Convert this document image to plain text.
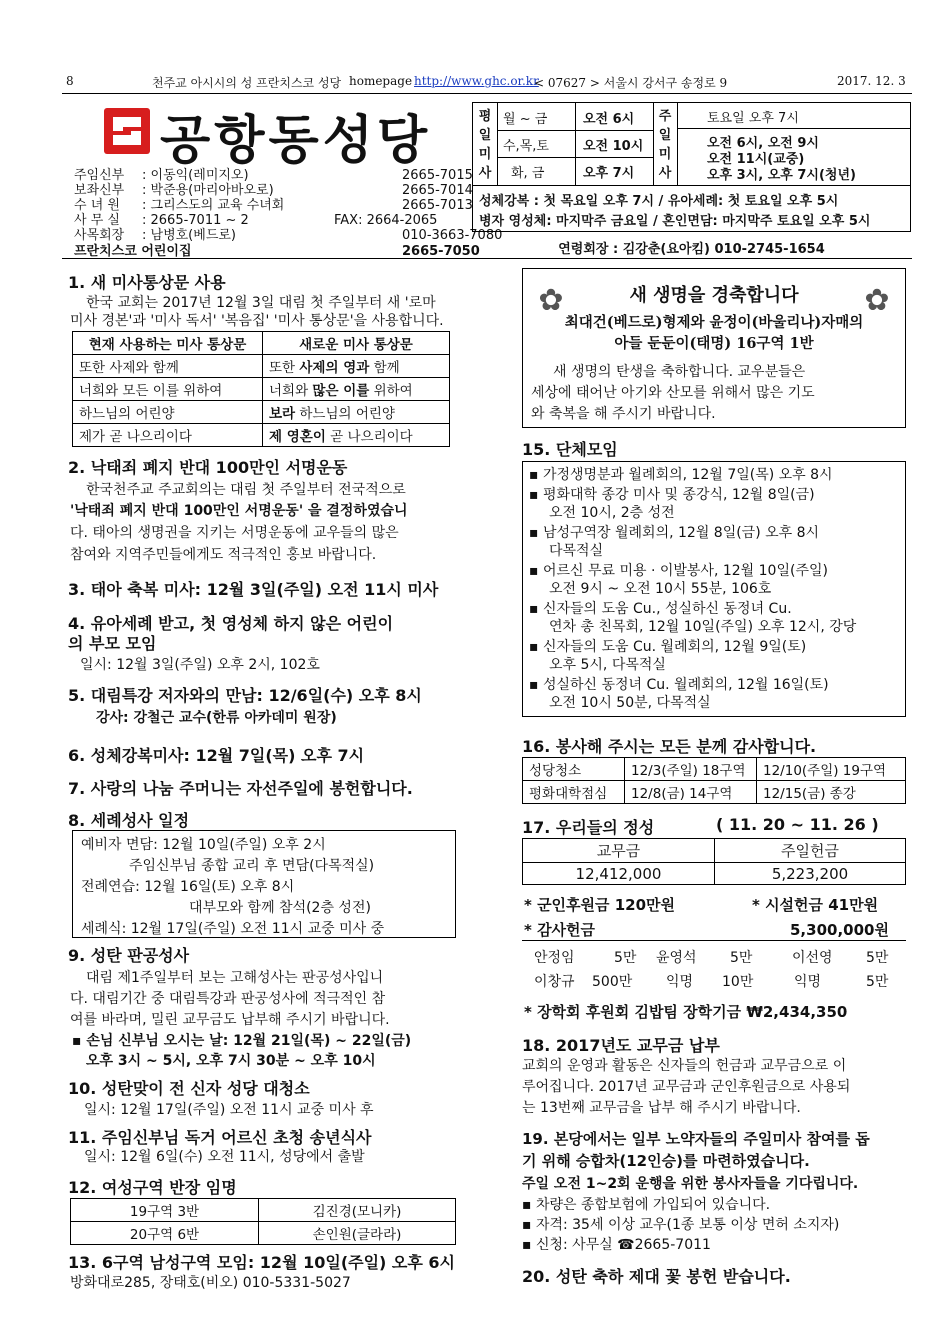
8	천주교 아시시의 성 프란치스코 성당 homepage http://www.ghc.or.kr
< 07627 > 서울시 강서구 송정로 9	2017. 12. 3
공항동성당
주임신부 : 이동익(레미지오)	2665-7015
보좌신부 : 박준용(마리아바오로)	2665-7014
수 녀 원 : 그리스도의 교육 수녀회	2665-7013
사 무 실 : 2665-7011 ~ 2	FAX: 2664-2065
사목회장 : 남병호(베드로)	010-3663-7080
프란치스코 어린이집	2665-7050
평일미사
월 ~ 금	오전 6시
수,목,토	오전 10시
화, 금	오후 7시
주일미사
토요일 오후 7시
오전 6시, 오전 9시
오전 11시(교중)
오후 3시, 오후 7시(청년)
성체강복 : 첫 목요일 오후 7시 / 유아세례: 첫 토요일 오후 5시
병자 영성체: 마지막주 금요일 / 혼인면담: 마지막주 토요일 오후 5시
연령회장 : 김강춘(요아킴) 010-2745-1654
1. 새 미사통상문 사용
한국 교회는 2017년 12월 3일 대림 첫 주일부터 새 '로마
미사 경본'과 '미사 독서' '복음집' '미사 통상문'을 사용합니다.
현재 사용하는 미사 통상문	새로운 미사 통상문
또한 사제와 함께	또한 사제의 영과 함께
너희와 모든 이를 위하여	너희와 많은 이를 위하여
하느님의 어린양	보라 하느님의 어린양
제가 곧 나으리이다	제 영혼이 곧 나으리이다
2. 낙태죄 폐지 반대 100만인 서명운동
한국천주교 주교회의는 대림 첫 주일부터 전국적으로
'낙태죄 폐지 반대 100만인 서명운동' 을 결정하였습니
다. 태아의 생명권을 지키는 서명운동에 교우들의 많은
참여와 지역주민들에게도 적극적인 홍보 바랍니다.
3. 태아 축복 미사: 12월 3일(주일) 오전 11시 미사
4. 유아세례 받고, 첫 영성체 하지 않은 어린이
의 부모 모임
일시: 12월 3일(주일) 오후 2시, 102호
5. 대림특강 저자와의 만남: 12/6일(수) 오후 8시
강사: 강철근 교수(한류 아카데미 원장)
6. 성체강복미사: 12월 7일(목) 오후 7시
7. 사랑의 나눔 주머니는 자선주일에 봉헌합니다.
8. 세례성사 일정
예비자 면담: 12월 10일(주일) 오후 2시
주임신부님 종합 교리 후 면담(다목적실)
전례연습: 12월 16일(토) 오후 8시
대부모와 함께 참석(2층 성전)
세례식: 12월 17일(주일) 오전 11시 교중 미사 중
9. 성탄 판공성사
대림 제1주일부터 보는 고해성사는 판공성사입니
다. 대림기간 중 대림특강과 판공성사에 적극적인 참
여를 바라며, 밀린 교무금도 납부해 주시기 바랍니다.
▪ 손님 신부님 오시는 날: 12월 21일(목) ~ 22일(금)
오후 3시 ~ 5시, 오후 7시 30분 ~ 오후 10시
10. 성탄맞이 전 신자 성당 대청소
일시: 12월 17일(주일) 오전 11시 교중 미사 후
11. 주임신부님 독거 어르신 초청 송년식사
일시: 12월 6일(수) 오전 11시, 성당에서 출발
12. 여성구역 반장 임명
19구역 3반	김진경(모니카)
20구역 6반	손인원(글라라)
13. 6구역 남성구역 모임: 12월 10일(주일) 오후 6시
방화대로285, 장태호(비오) 010-5331-5027
✿	✿
새 생명을 경축합니다
최대건(베드로)형제와 윤정이(바울리나)자매의
아들 둔둔이(태명) 16구역 1반
새 생명의 탄생을 축하합니다. 교우분들은
세상에 태어난 아기와 산모를 위해서 많은 기도
와 축복을 해 주시기 바랍니다.
15. 단체모임
▪ 가정생명분과 월례회의, 12월 7일(목) 오후 8시
▪ 평화대학 종강 미사 및 종강식, 12월 8일(금)
오전 10시, 2층 성전
▪ 남성구역장 월례회의, 12월 8일(금) 오후 8시
다목적실
▪ 어르신 무료 미용 · 이발봉사, 12월 10일(주일)
오전 9시 ~ 오전 10시 55분, 106호
▪ 신자들의 도움 Cu., 성실하신 동정녀 Cu.
연차 총 친목회, 12월 10일(주일) 오후 12시, 강당
▪ 신자들의 도움 Cu. 월례회의, 12월 9일(토)
오후 5시, 다목적실
▪ 성실하신 동정녀 Cu. 월례회의, 12월 16일(토)
오전 10시 50분, 다목적실
16. 봉사해 주시는 모든 분께 감사합니다.
성당청소	12/3(주일) 18구역	12/10(주일) 19구역
평화대학점심	12/8(금) 14구역	12/15(금) 종강
17. 우리들의 정성	( 11. 20 ~ 11. 26 )
교무금	주일헌금
12,412,000	5,223,200
* 군인후원금 120만원	* 시설헌금 41만원
* 감사헌금	5,300,000원
안정임	5만 윤영석 5만	이선영 5만
이창규 500만 익명 10만	익명	5만
* 장학회 후원회 김밥팀 장학기금 ₩2,434,350
18. 2017년도 교무금 납부
교회의 운영과 활동은 신자들의 헌금과 교무금으로 이
루어집니다. 2017년 교무금과 군인후원금으로 사용되
는 13번째 교무금을 납부 해 주시기 바랍니다.
19. 본당에서는 일부 노약자들의 주일미사 참여를 돕
기 위해 승합차(12인승)를 마련하였습니다.
주일 오전 1~2회 운행을 위한 봉사자들을 기다립니다.
▪ 차량은 종합보험에 가입되어 있습니다.
▪ 자격: 35세 이상 교우(1종 보통 이상 면허 소지자)
▪ 신청: 사무실 ☎2665-7011
20. 성탄 축하 제대 꽃 봉헌 받습니다.
